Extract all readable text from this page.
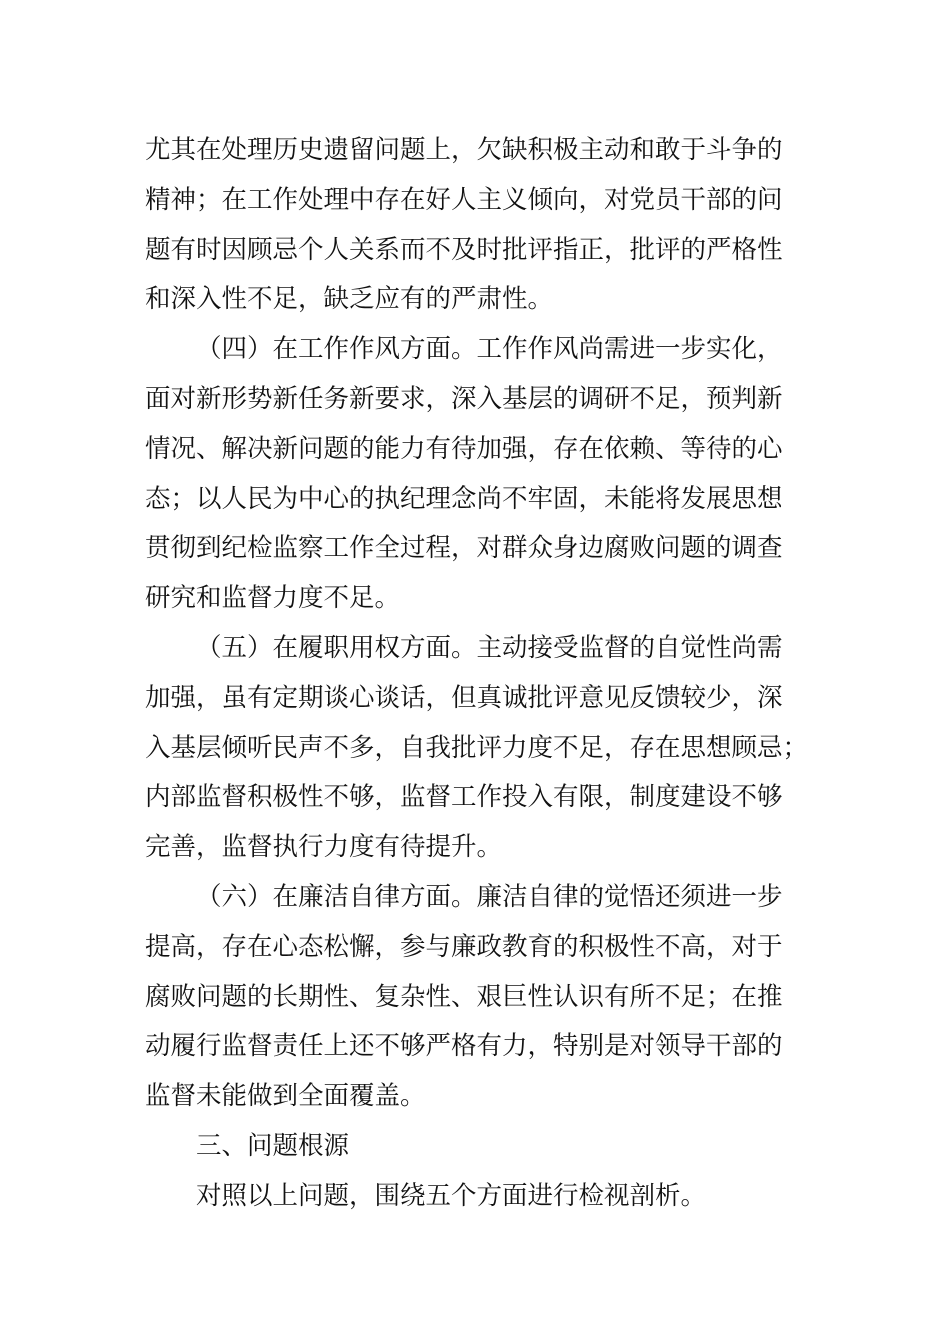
尤其在处理历史遗留问题上，欠缺积极主动和敢于斗争的
精神；在工作处理中存在好人主义倾向，对党员干部的问
题有时因顾忌个人关系而不及时批评指正，批评的严格性
和深入性不足，缺乏应有的严肃性。
（四）在工作作风方面。工作作风尚需进一步实化，
面对新形势新任务新要求，深入基层的调研不足，预判新
情况、解决新问题的能力有待加强，存在依赖、等待的心
态；以人民为中心的执纪理念尚不牢固，未能将发展思想
贯彻到纪检监察工作全过程，对群众身边腐败问题的调查
研究和监督力度不足。
（五）在履职用权方面。主动接受监督的自觉性尚需
加强，虽有定期谈心谈话，但真诚批评意见反馈较少，深
入基层倾听民声不多，自我批评力度不足，存在思想顾忌；
内部监督积极性不够，监督工作投入有限，制度建设不够
完善，监督执行力度有待提升。
（六）在廉洁自律方面。廉洁自律的觉悟还须进一步
提高，存在心态松懈，参与廉政教育的积极性不高，对于
腐败问题的长期性、复杂性、艰巨性认识有所不足；在推
动履行监督责任上还不够严格有力，特别是对领导干部的
监督未能做到全面覆盖。
三、问题根源
对照以上问题，围绕五个方面进行检视剖析。
